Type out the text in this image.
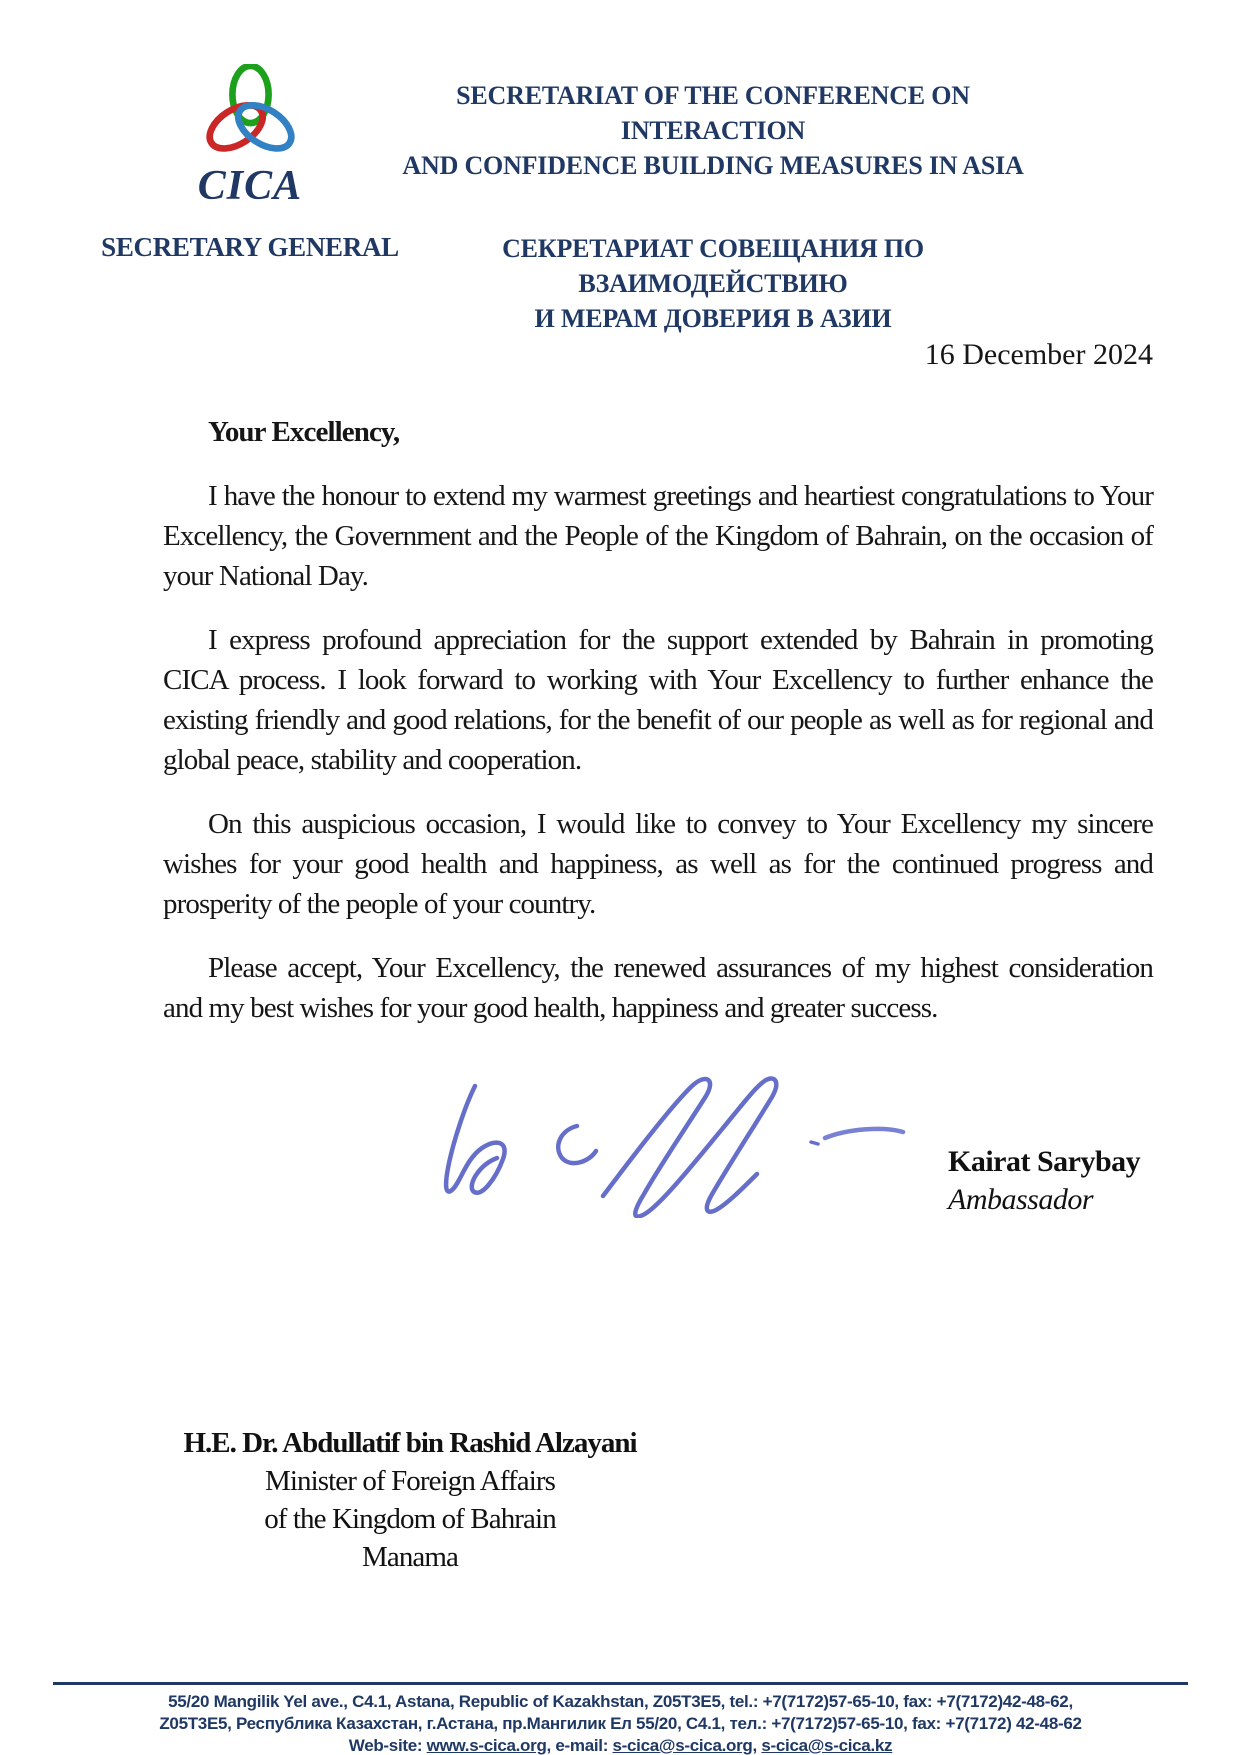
CICA
SECRETARY GENERAL
SECRETARIAT OF THE CONFERENCE ON INTERACTION
AND CONFIDENCE BUILDING MEASURES IN ASIA
СЕКРЕТАРИАТ СОВЕЩАНИЯ ПО ВЗАИМОДЕЙСТВИЮ
И МЕРАМ ДОВЕРИЯ В АЗИИ
16 December 2024

Your Excellency,

I have the honour to extend my warmest greetings and heartiest congratulations to Your Excellency, the Government and the People of the Kingdom of Bahrain, on the occasion of your National Day.

I express profound appreciation for the support extended by Bahrain in promoting CICA process. I look forward to working with Your Excellency to further enhance the existing friendly and good relations, for the benefit of our people as well as for regional and global peace, stability and cooperation.

On this auspicious occasion, I would like to convey to Your Excellency my sincere wishes for your good health and happiness, as well as for the continued progress and prosperity of the people of your country.

Please accept, Your Excellency, the renewed assurances of my highest consideration and my best wishes for your good health, happiness and greater success.

Kairat Sarybay
Ambassador
H.E. Dr. Abdullatif bin Rashid Alzayani
Minister of Foreign Affairs
of the Kingdom of Bahrain
Manama
55/20 Mangilik Yel ave., C4.1, Astana, Republic of Kazakhstan, Z05T3E5, tel.: +7(7172)57-65-10, fax: +7(7172)42-48-62,
Z05T3E5, Республика Казахстан, г.Астана, пр.Мангилик Ел 55/20, C4.1, тел.: +7(7172)57-65-10, fax: +7(7172) 42-48-62
Web-site: www.s-cica.org, e-mail: s-cica@s-cica.org, s-cica@s-cica.kz
